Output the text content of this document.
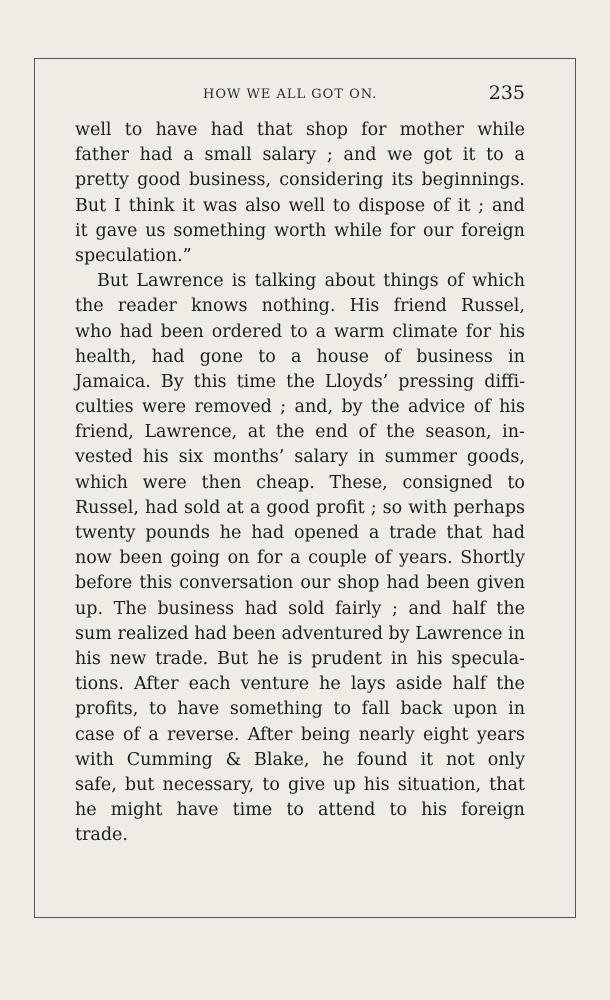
HOW WE ALL GOT ON.	235
well to have had that shop for mother while
father had a small salary ; and we got it to a
pretty good business, considering its beginnings.
But I think it was also well to dispose of it ; and
it gave us something worth while for our foreign
speculation.”
But Lawrence is talking about things of which
the reader knows nothing. His friend Russel,
who had been ordered to a warm climate for his
health, had gone to a house of business in
Jamaica. By this time the Lloyds’ pressing diffi-
culties were removed ; and, by the advice of his
friend, Lawrence, at the end of the season, in-
vested his six months’ salary in summer goods,
which were then cheap. These, consigned to
Russel, had sold at a good profit ; so with perhaps
twenty pounds he had opened a trade that had
now been going on for a couple of years. Shortly
before this conversation our shop had been given
up. The business had sold fairly ; and half the
sum realized had been adventured by Lawrence in
his new trade. But he is prudent in his specula-
tions. After each venture he lays aside half the
profits, to have something to fall back upon in
case of a reverse. After being nearly eight years
with Cumming & Blake, he found it not only
safe, but necessary, to give up his situation, that
he might have time to attend to his foreign
trade.
